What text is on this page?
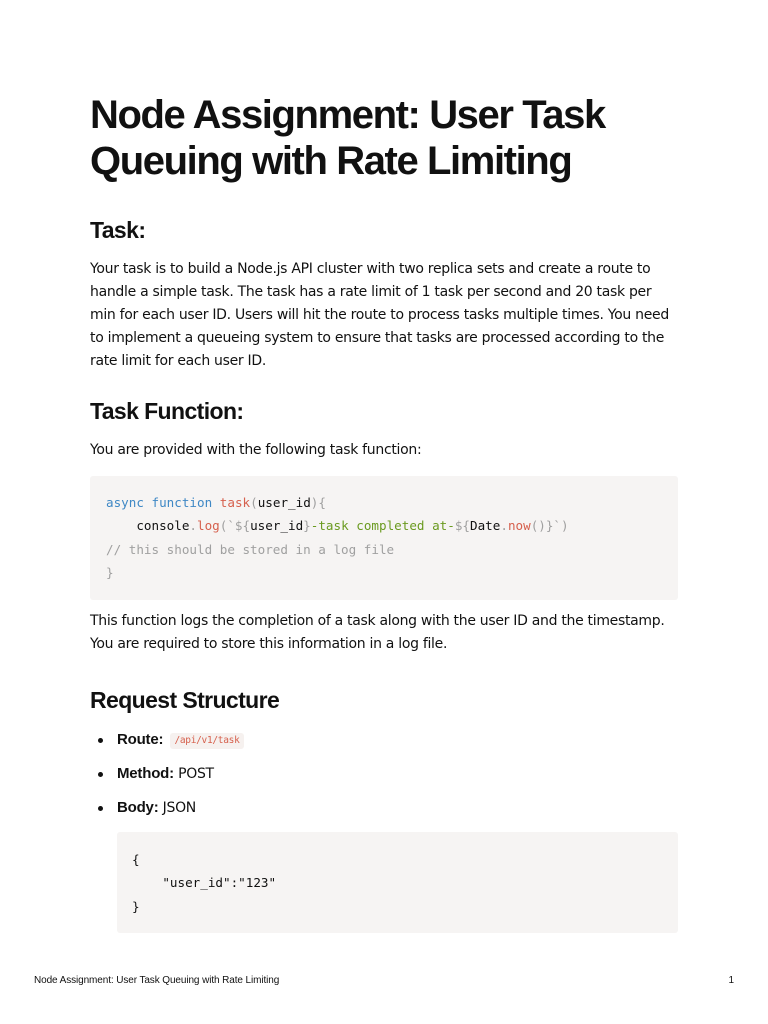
Node Assignment: User Task Queuing with Rate Limiting
Task:

Your task is to build a Node.js API cluster with two replica sets and create a route to handle a simple task. The task has a rate limit of 1 task per second and 20 task per min for each user ID. Users will hit the route to process tasks multiple times. You need to implement a queueing system to ensure that tasks are processed according to the rate limit for each user ID.

Task Function:

You are provided with the following task function:

async function task(user_id){
console.log(`${user_id}-task completed at-${Date.now()}`)
// this should be stored in a log file
}

This function logs the completion of a task along with the user ID and the timestamp. You are required to store this information in a log file.

Request Structure
Route: /api/v1/task
Method: POST
Body: JSON
{
"user_id":"123"
}
Node Assignment: User Task Queuing with Rate Limiting	1
